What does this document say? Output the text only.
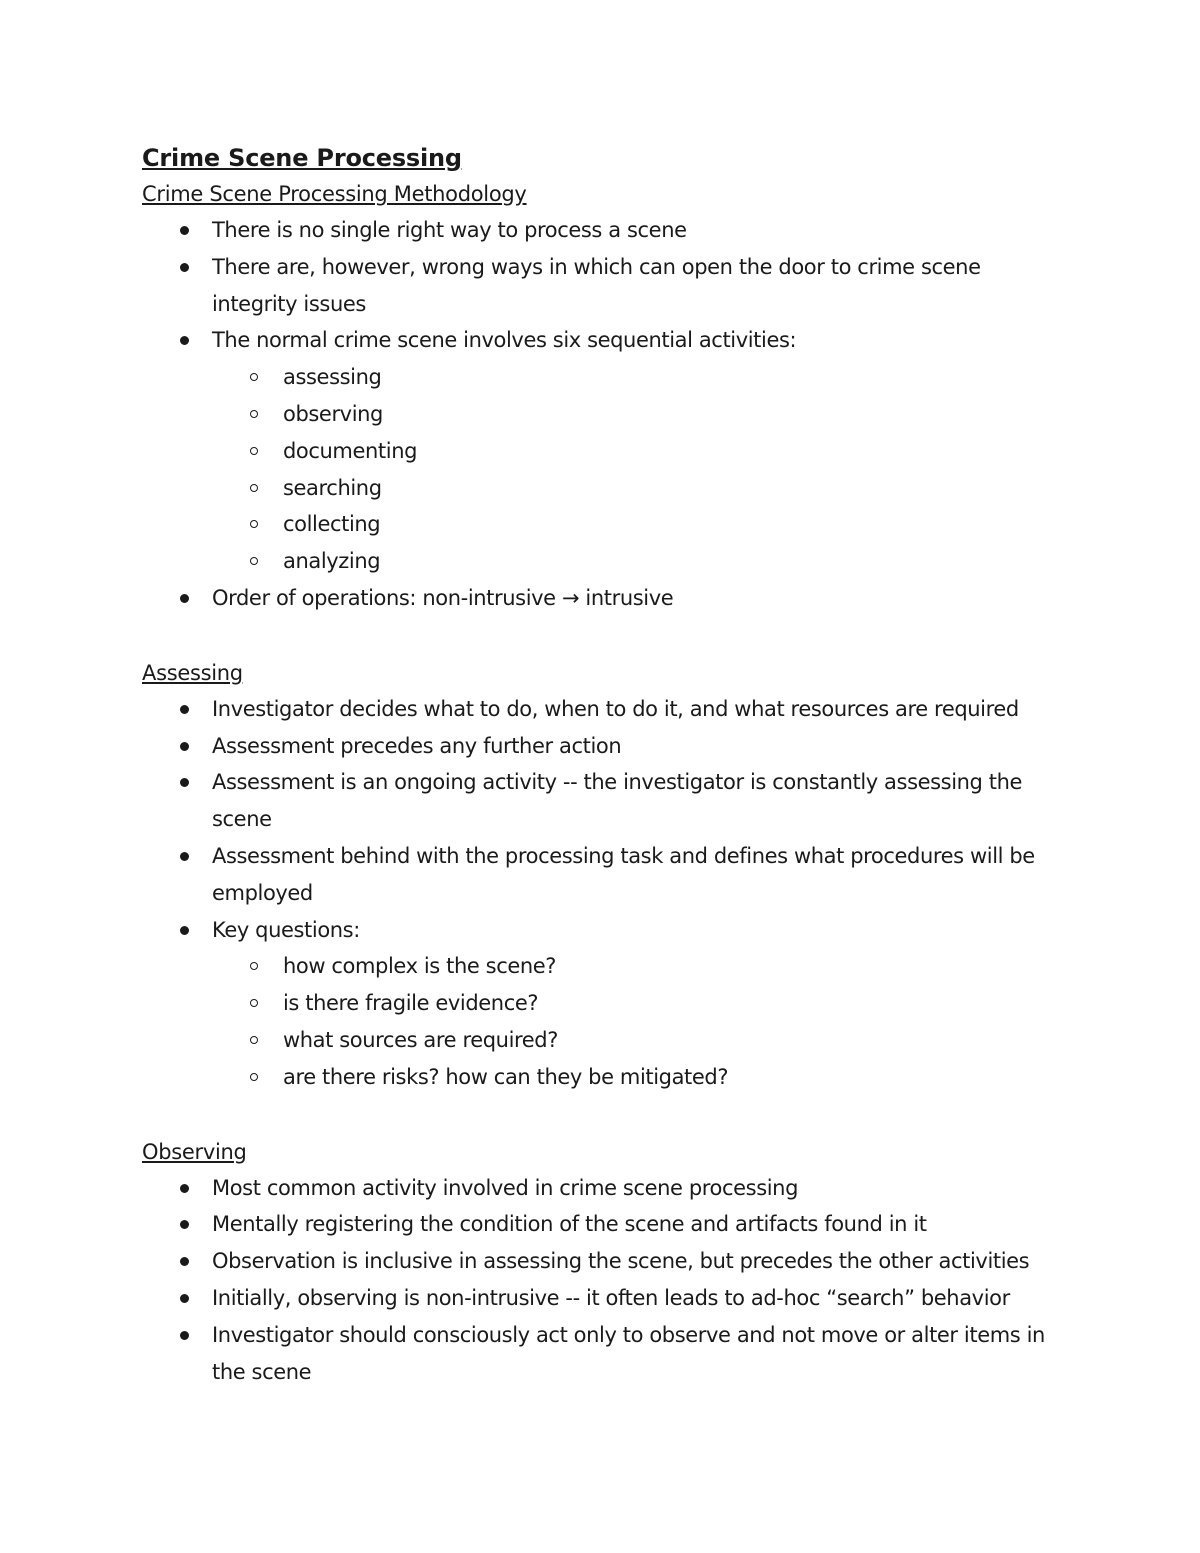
Crime Scene Processing
Crime Scene Processing Methodology
There is no single right way to process a scene
There are, however, wrong ways in which can open the door to crime scene integrity issues
The normal crime scene involves six sequential activities:
assessing
observing
documenting
searching
collecting
analyzing
Order of operations: non-intrusive → intrusive
Assessing
Investigator decides what to do, when to do it, and what resources are required
Assessment precedes any further action
Assessment is an ongoing activity -- the investigator is constantly assessing the scene
Assessment behind with the processing task and defines what procedures will be employed
Key questions:
how complex is the scene?
is there fragile evidence?
what sources are required?
are there risks? how can they be mitigated?
Observing
Most common activity involved in crime scene processing
Mentally registering the condition of the scene and artifacts found in it
Observation is inclusive in assessing the scene, but precedes the other activities
Initially, observing is non-intrusive -- it often leads to ad-hoc “search” behavior
Investigator should consciously act only to observe and not move or alter items in the scene
